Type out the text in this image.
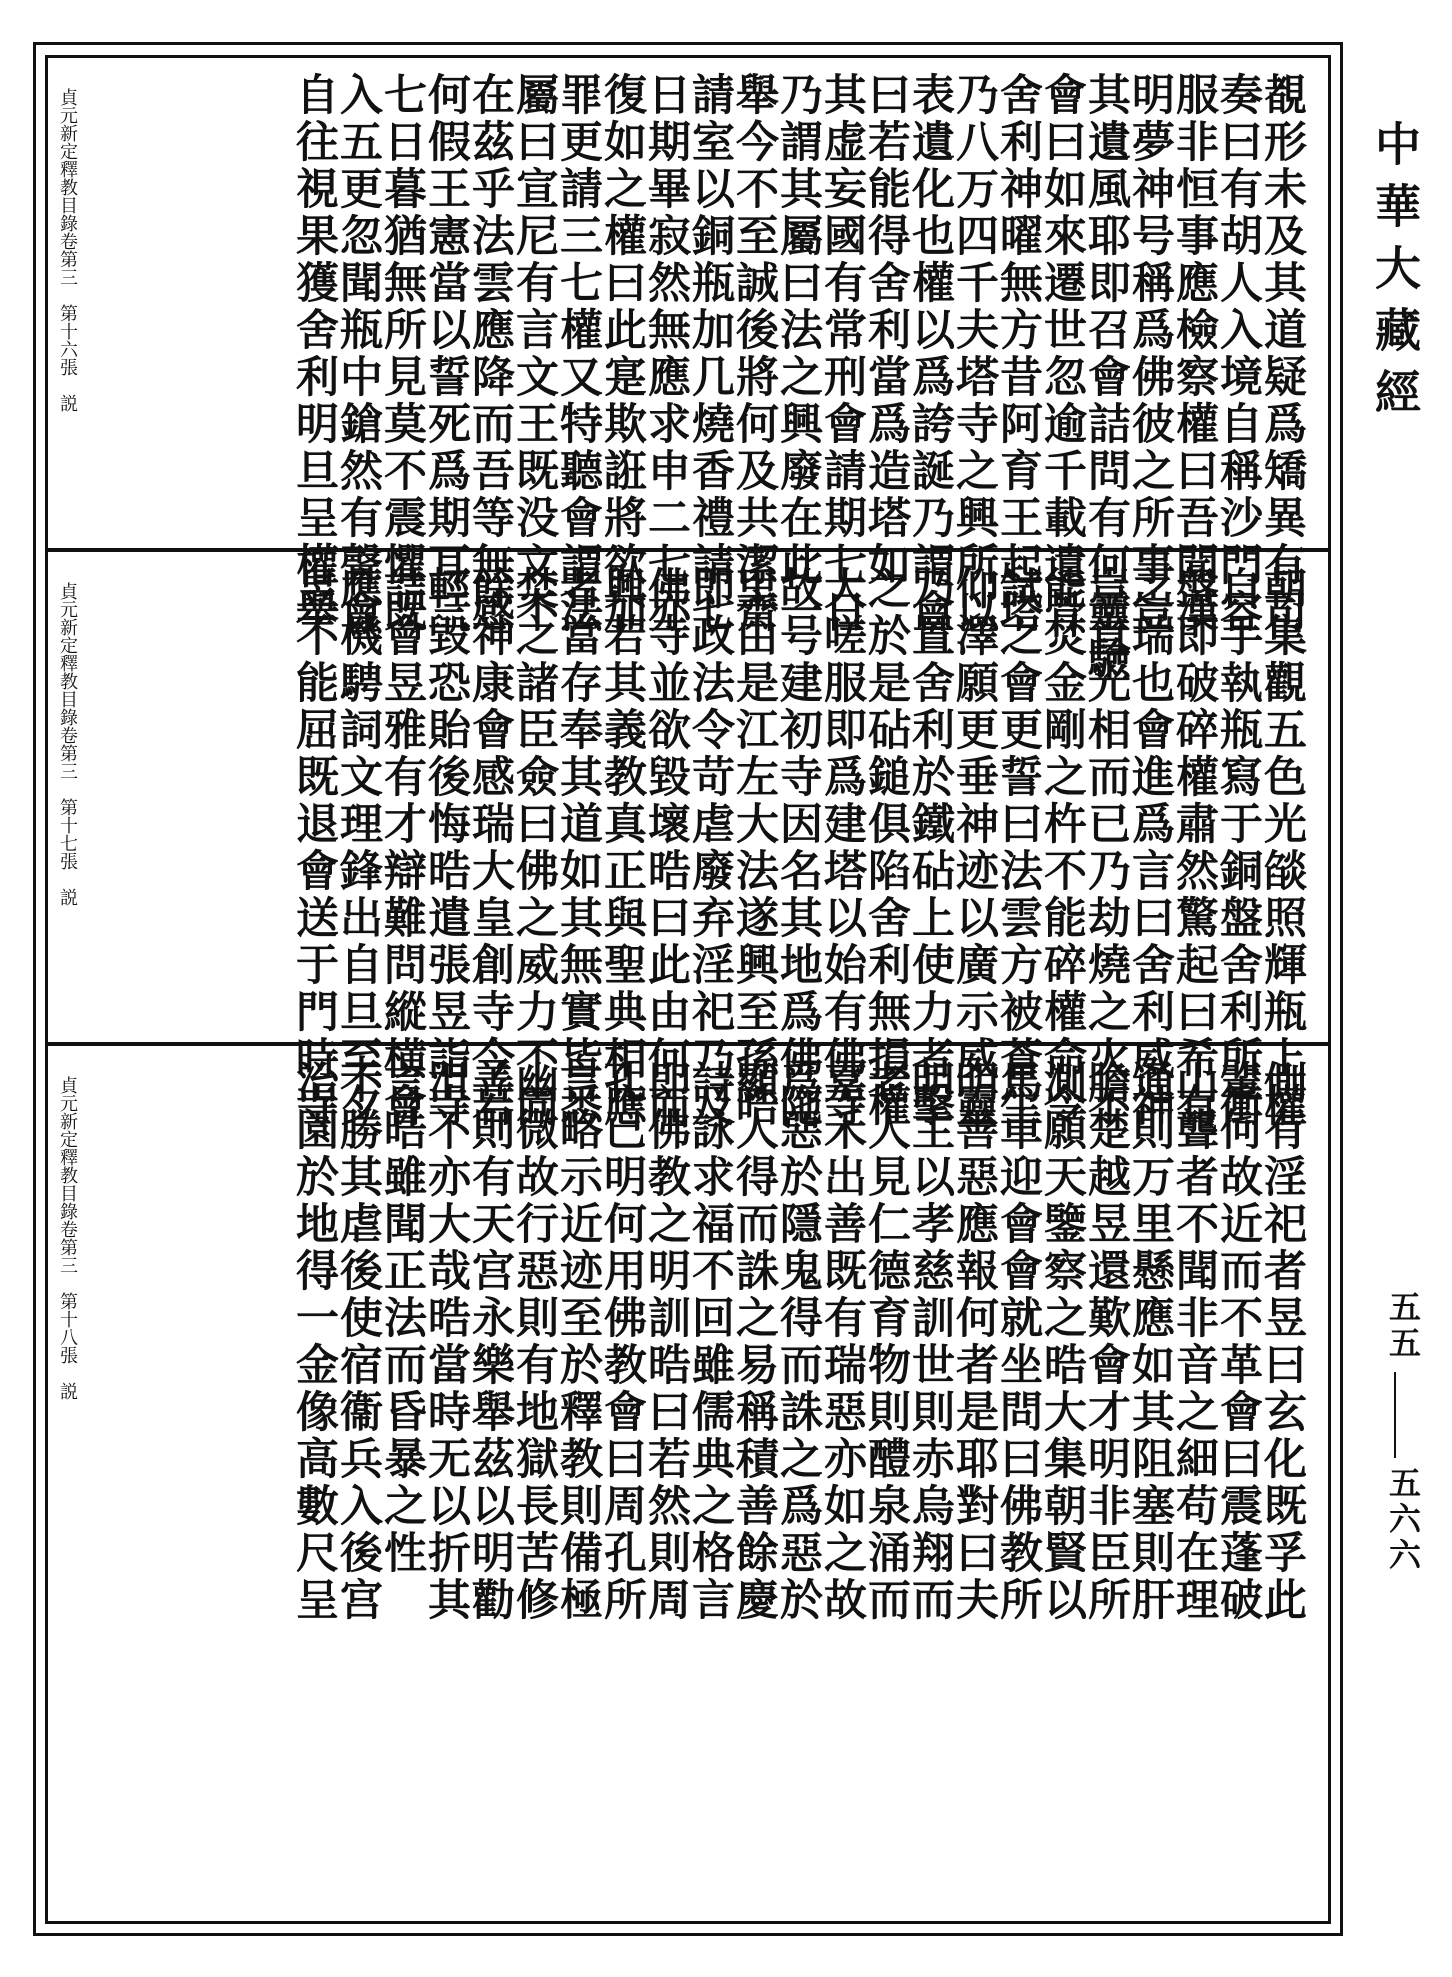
覩形未及其道疑爲矯異有司
奏曰有胡人入境自稱沙門容
服非恒事應檢察權曰吾聞漢
明夢神号稱爲佛彼之所事豈
其遺風耶即召會詰問有何靈驗
會曰如來遷世忽逾千載遺骨
舍利神曜無方昔阿育王起塔
乃八万四千夫塔寺之興所以
表遺化也權以爲誇誕乃謂會
曰若能得舍利當爲造塔如
其虚妄國有常刑會請期七日
乃謂其屬曰法之興廢在此一
舉今不至誠後將何及共潔齋
請室以銅瓶加几燒香禮請七
日期畢寂然無應求申二七亦
復如之權曰此寔欺誑將欲加
罪更請三七權又特聽會謂法
屬曰宣尼有言文王既没文不
在茲乎法雲應降而吾等無感
何假王憲當以誓死爲期耳三
七日暮猶無所見莫不震懼既
入五更忽聞瓶中鎗然有聲會
自往視果獲舍利明旦呈權舉
貞元新定釋教目錄卷第三　第十六張　説
朝集觀五色光燄照輝瓶上權
自手執瓶寫于銅盤舍利所衝
盤即破碎權肅然驚起曰希有
之瑞也會進爲言曰舍利威神
豈直光相而已乃劫燒之火不
能焚金剛之杵不能碎權命令
試之會更誓曰法雲方被蒼生
仰澤願更垂神迹以廣示威靈
乃置舍利於鐵砧上使力者擊
之於是砧鎚俱陷舍利無損權
大嗟服即爲建塔以始有佛寺
故号建初寺因名其地爲佛陁
里由是江左大法遂興至孫晧
即政法令苛虐廢弃淫祀乃及
佛寺並欲毀壞晧曰此由何而
興若其義教真正與聖典相應
者當存奉其道如其無實皆悉
焚之諸臣僉曰佛之威力不同
餘神康會感瑞大皇創寺今若
輕毀恐貽後悔晧遣張昱詣寺
詰會昱雅有才辯難問縱横會
應機騁詞文理鋒出自旦至夕
昱不能屈既退會送于門時寺
貞元新定釋教目錄卷第三　第十七張　説
側有淫祀者昱曰玄化既孚此
輩何故近而不革會曰震蓬破
山聾者不聞非音之細苟在理
通則万里懸應如其阻塞則肝
膽楚越昱還歎會才明非臣所
測願天鑒察之晧大集朝賢以
馬車迎會會就坐問曰佛教所
明善惡應報何者是耶對曰夫
明主以孝慈訓世則赤烏翔而
老人見仁德育物則醴泉涌而
嘉禾出善既有瑞惡亦如之故
爲惡於隱鬼得而誅之爲惡於
顯人得而誅之易稱積善餘慶
詩詠求福不回雖儒典之格言
即佛教之明訓晧曰若然則周
孔已明何用佛教會曰周孔所
言略示近迹至於釋教則備極
幽微故行惡則有地獄長苦修
善則有天宫永樂舉茲以明勸
沮不亦大哉晧當時无以折其
言晧雖聞正法而昏暴之性
不勝其虐後使宿衞兵入後宫
治園於地得一金像高數尺呈
貞元新定釋教目錄卷第三　第十八張　説
中華大藏經
五五
五六六
